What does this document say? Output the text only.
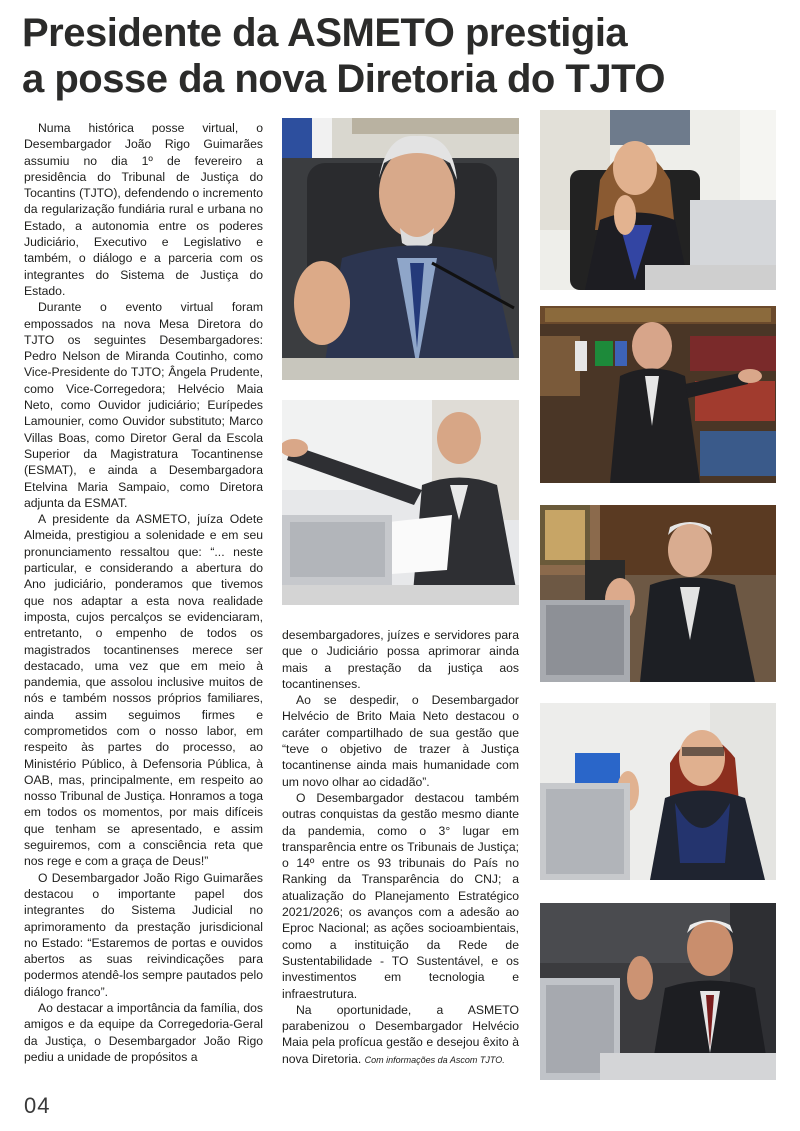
Presidente da ASMETO prestigia
a posse da nova Diretoria do TJTO

Numa histórica posse virtual, o Desembargador João Rigo Guimarães assumiu no dia 1º de fevereiro a presidência do Tribunal de Justiça do Tocantins (TJTO), defendendo o incremento da regularização fundiária rural e urbana no Estado, a autonomia entre os poderes Judiciário, Executivo e Legislativo e também, o diálogo e a parceria com os integrantes do Sistema de Justiça do Estado.

Durante o evento virtual foram empossados na nova Mesa Diretora do TJTO os seguintes Desembargadores: Pedro Nelson de Miranda Coutinho, como Vice-Presidente do TJTO; Ângela Prudente, como Vice-Corregedora; Helvécio Maia Neto, como Ouvidor judiciário; Eurípedes Lamounier, como Ouvidor substituto; Marco Villas Boas, como Diretor Geral da Escola Superior da Magistratura Tocantinense (ESMAT), e ainda a Desembargadora Etelvina Maria Sampaio, como Diretora adjunta da ESMAT.

A presidente da ASMETO, juíza Odete Almeida, prestigiou a solenidade e em seu pronunciamento ressaltou que: “... neste particular, e considerando a abertura do Ano judiciário, ponderamos que tivemos que nos adaptar a esta nova realidade imposta, cujos percalços se evidenciaram, entretanto, o empenho de todos os magistrados tocantinenses merece ser destacado, uma vez que em meio à pandemia, que assolou inclusive muitos de nós e também nossos próprios familiares, ainda assim seguimos firmes e comprometidos com o nosso labor, em respeito às partes do processo, ao Ministério Público, à Defensoria Pública, à OAB, mas, principalmente, em respeito ao nosso Tribunal de Justiça. Honramos a toga em todos os momentos, por mais difíceis que tenham se apresentado, e assim seguiremos, com a consciência reta que nos rege e com a graça de Deus!”

O Desembargador João Rigo Guimarães destacou o importante papel dos integrantes do Sistema Judicial no aprimoramento da prestação jurisdicional no Estado: “Estaremos de portas e ouvidos abertos as suas reivindicações para podermos atendê-los sempre pautados pelo diálogo franco”.

Ao destacar a importância da família, dos amigos e da equipe da Corregedoria-Geral da Justiça, o Desembargador João Rigo pediu a unidade de propósitos a

desembargadores, juízes e servidores para que o Judiciário possa aprimorar ainda mais a prestação da justiça aos tocantinenses.

Ao se despedir, o Desembargador Helvécio de Brito Maia Neto destacou o caráter compartilhado de sua gestão que “teve o objetivo de trazer à Justiça tocantinense ainda mais humanidade com um novo olhar ao cidadão”.

O Desembargador destacou também outras conquistas da gestão mesmo diante da pandemia, como o 3° lugar em transparência entre os Tribunais de Justiça; o 14º entre os 93 tribunais do País no Ranking da Transparência do CNJ; a atualização do Planejamento Estratégico 2021/2026; os avanços com a adesão ao Eproc Nacional; as ações socioambientais, como a instituição da Rede de Sustentabilidade - TO Sustentável, e os investimentos em tecnologia e infraestrutura.

Na oportunidade, a ASMETO parabenizou o Desembargador Helvécio Maia pela profícua gestão e desejou êxito à nova Diretoria. Com informações da Ascom TJTO.

04
